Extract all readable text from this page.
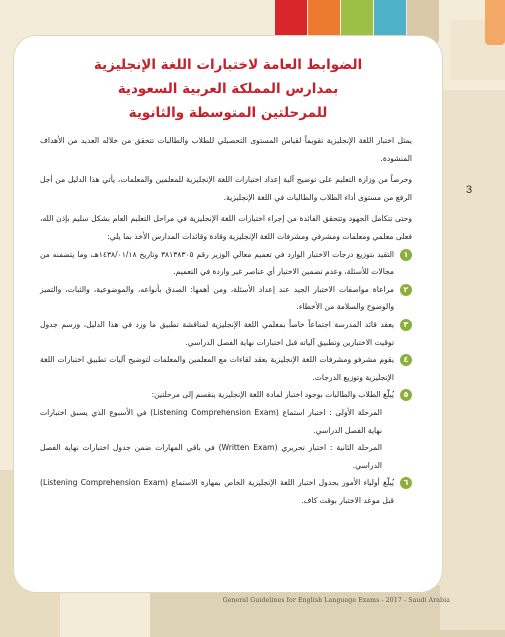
3
الضوابط العامة لاختبارات اللغة الإنجليزية
بمدارس المملكة العربية السعودية
للمرحلتين المتوسطة والثانوية

يمثل اختبار اللغة الإنجليزية تقويماً لقياس المستوى التحصيلي للطلاب والطالبات تتحقق من خلاله العديد من الأهداف المنشودة.

وحرصاً من وزارة التعليم على توضيح آلية إعداد اختبارات اللغة الإنجليزية للمعلمين والمعلمات، يأتي هذا الدليل من أجل الرفع من مستوى أداء الطلاب والطالبات في اللغة الإنجليزية.

وحتى تتكامل الجهود وتتحقق الفائدة من إجراء اختبارات اللغة الإنجليزية في مراحل التعليم العام بشكل سليم بإذن الله، فعلى معلمي ومعلمات ومشرفي ومشرفات اللغة الإنجليزية وقادة وقائدات المدارس الأخذ بما يلي:

١

التقيد بتوزيع درجات الاختبار الوارد في تعميم معالي الوزير رقم ٣٨١٣٨٣٠٥ وتاريخ ١٤٣٨/٠١/١٨هـ، وما يتضمنه من مجالات للأسئلة، وعدم تضمين الاختبار أي عناصر غير واردة في التعميم.

٢

مراعاة مواصفات الاختبار الجيد عند إعداد الأسئلة، ومن أهمها: الصدق بأنواعه، والموضوعية، والثبات، والتميز والوضوح والسلامة من الأخطاء.

٣

يعقد قائد المدرسة اجتماعاً خاصاً بمعلمي اللغة الإنجليزية لمناقشة تطبيق ما ورد في هذا الدليل، ورسم جدول توقيت الاختبارين وتطبيق آلياته قبل اختبارات نهاية الفصل الدراسي.

٤

يقوم مشرفو ومشرفات اللغة الإنجليزية بعقد لقاءات مع المعلمين والمعلمات لتوضيح آليات تطبيق اختبارات اللغة الإنجليزية وتوزيع الدرجات.

٥

يُبلّغ الطلاب والطالبات بوجود اختبار لمادة اللغة الإنجليزية ينقسم إلى مرحلتين:

المرحلة الأولى : اختبار استماع (Listening Comprehension Exam) في الأسبوع الذي يسبق اختبارات نهاية الفصل الدراسي.

المرحلة الثانية : اختبار تحريري (Written Exam) في باقي المهارات ضمن جدول اختبارات نهاية الفصل الدراسي.

٦

يُبلّغ أولياء الأمور بجدول اختبار اللغة الإنجليزية الخاص بمهارة الاستماع (Listening Comprehension Exam) قبل موعد الاختبار بوقت كاف.

General Guidelines for English Language Exams - 2017 - Saudi Arabia
